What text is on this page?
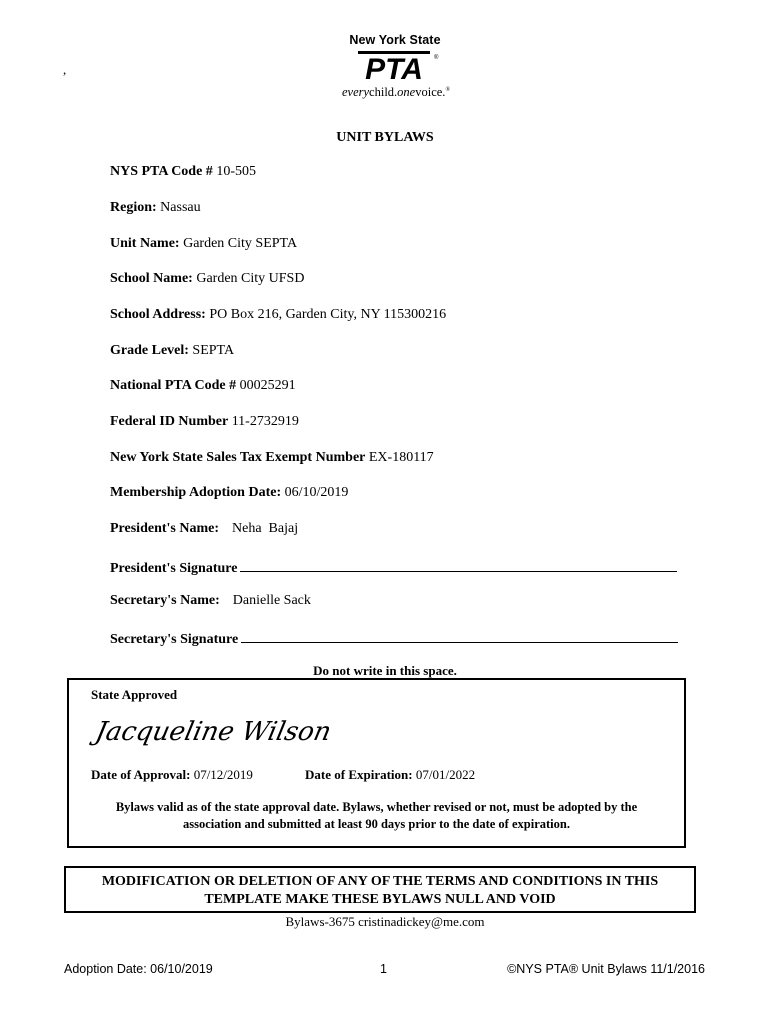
,
New York State
PTA ®
everychild.onevoice.®
UNIT BYLAWS
NYS PTA Code # 10-505
Region: Nassau
Unit Name: Garden City SEPTA
School Name: Garden City UFSD
School Address: PO Box 216, Garden City, NY 115300216
Grade Level: SEPTA
National PTA Code # 00025291
Federal ID Number 11-2732919
New York State Sales Tax Exempt Number EX-180117
Membership Adoption Date: 06/10/2019
President's Name: Neha  Bajaj
President's Signature
Secretary's Name: Danielle Sack
Secretary's Signature
Do not write in this space.
State Approved
Jacqueline Wilson
Date of Approval: 07/12/2019	Date of Expiration: 07/01/2022
Bylaws valid as of the state approval date. Bylaws, whether revised or not, must be adopted by the
association and submitted at least 90 days prior to the date of expiration.
MODIFICATION OR DELETION OF ANY OF THE TERMS AND CONDITIONS IN THIS
TEMPLATE MAKE THESE BYLAWS NULL AND VOID
Bylaws-3675 cristinadickey@me.com
Adoption Date: 06/10/2019	1	©NYS PTA® Unit Bylaws 11/1/2016
